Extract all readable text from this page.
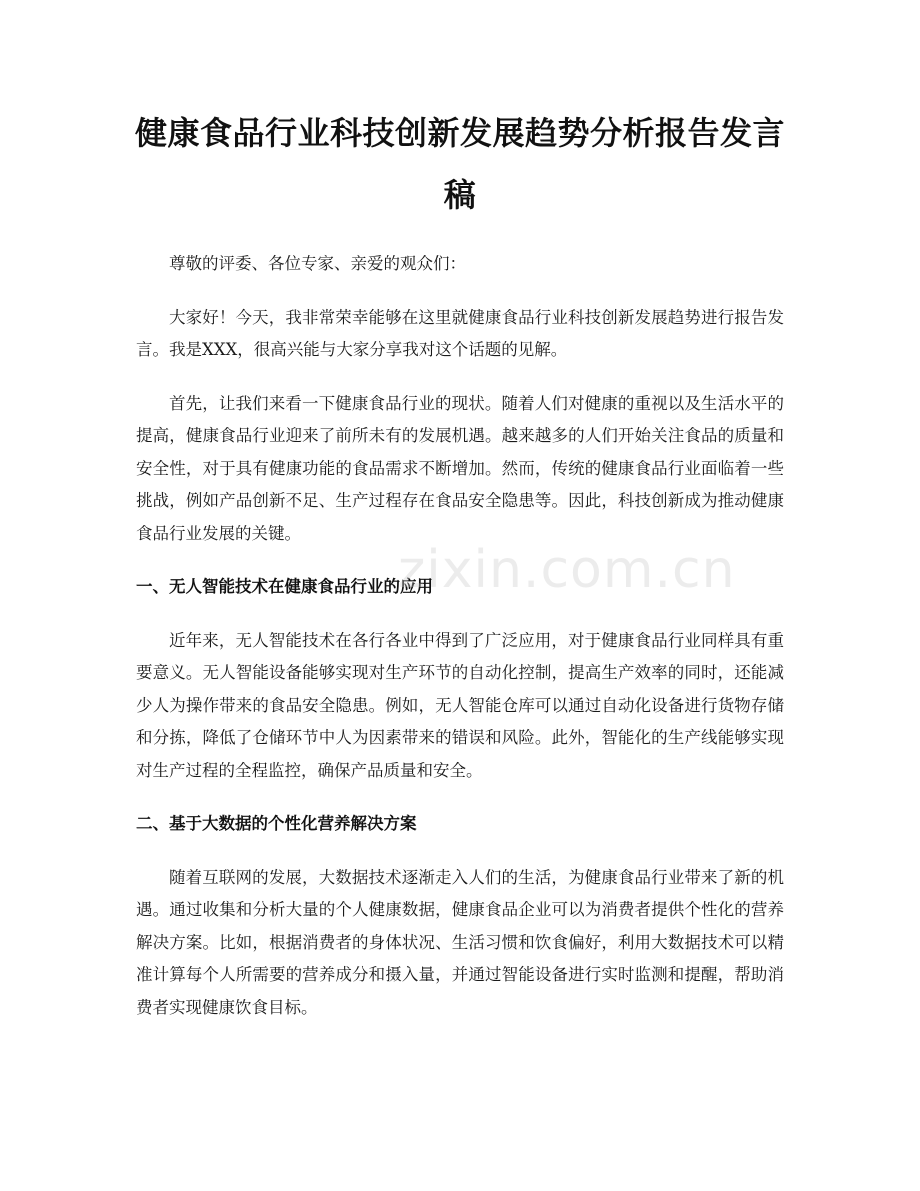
健康食品行业科技创新发展趋势分析报告发言稿

尊敬的评委、各位专家、亲爱的观众们：

大家好！今天，我非常荣幸能够在这里就健康食品行业科技创新发展趋势进行报告发言。我是XXX，很高兴能与大家分享我对这个话题的见解。

首先，让我们来看一下健康食品行业的现状。随着人们对健康的重视以及生活水平的提高，健康食品行业迎来了前所未有的发展机遇。越来越多的人们开始关注食品的质量和安全性，对于具有健康功能的食品需求不断增加。然而，传统的健康食品行业面临着一些挑战，例如产品创新不足、生产过程存在食品安全隐患等。因此，科技创新成为推动健康食品行业发展的关键。

一、无人智能技术在健康食品行业的应用

近年来，无人智能技术在各行各业中得到了广泛应用，对于健康食品行业同样具有重要意义。无人智能设备能够实现对生产环节的自动化控制，提高生产效率的同时，还能减少人为操作带来的食品安全隐患。例如，无人智能仓库可以通过自动化设备进行货物存储和分拣，降低了仓储环节中人为因素带来的错误和风险。此外，智能化的生产线能够实现对生产过程的全程监控，确保产品质量和安全。

二、基于大数据的个性化营养解决方案

随着互联网的发展，大数据技术逐渐走入人们的生活，为健康食品行业带来了新的机遇。通过收集和分析大量的个人健康数据，健康食品企业可以为消费者提供个性化的营养解决方案。比如，根据消费者的身体状况、生活习惯和饮食偏好，利用大数据技术可以精准计算每个人所需要的营养成分和摄入量，并通过智能设备进行实时监测和提醒，帮助消费者实现健康饮食目标。

zixin.com.cn
